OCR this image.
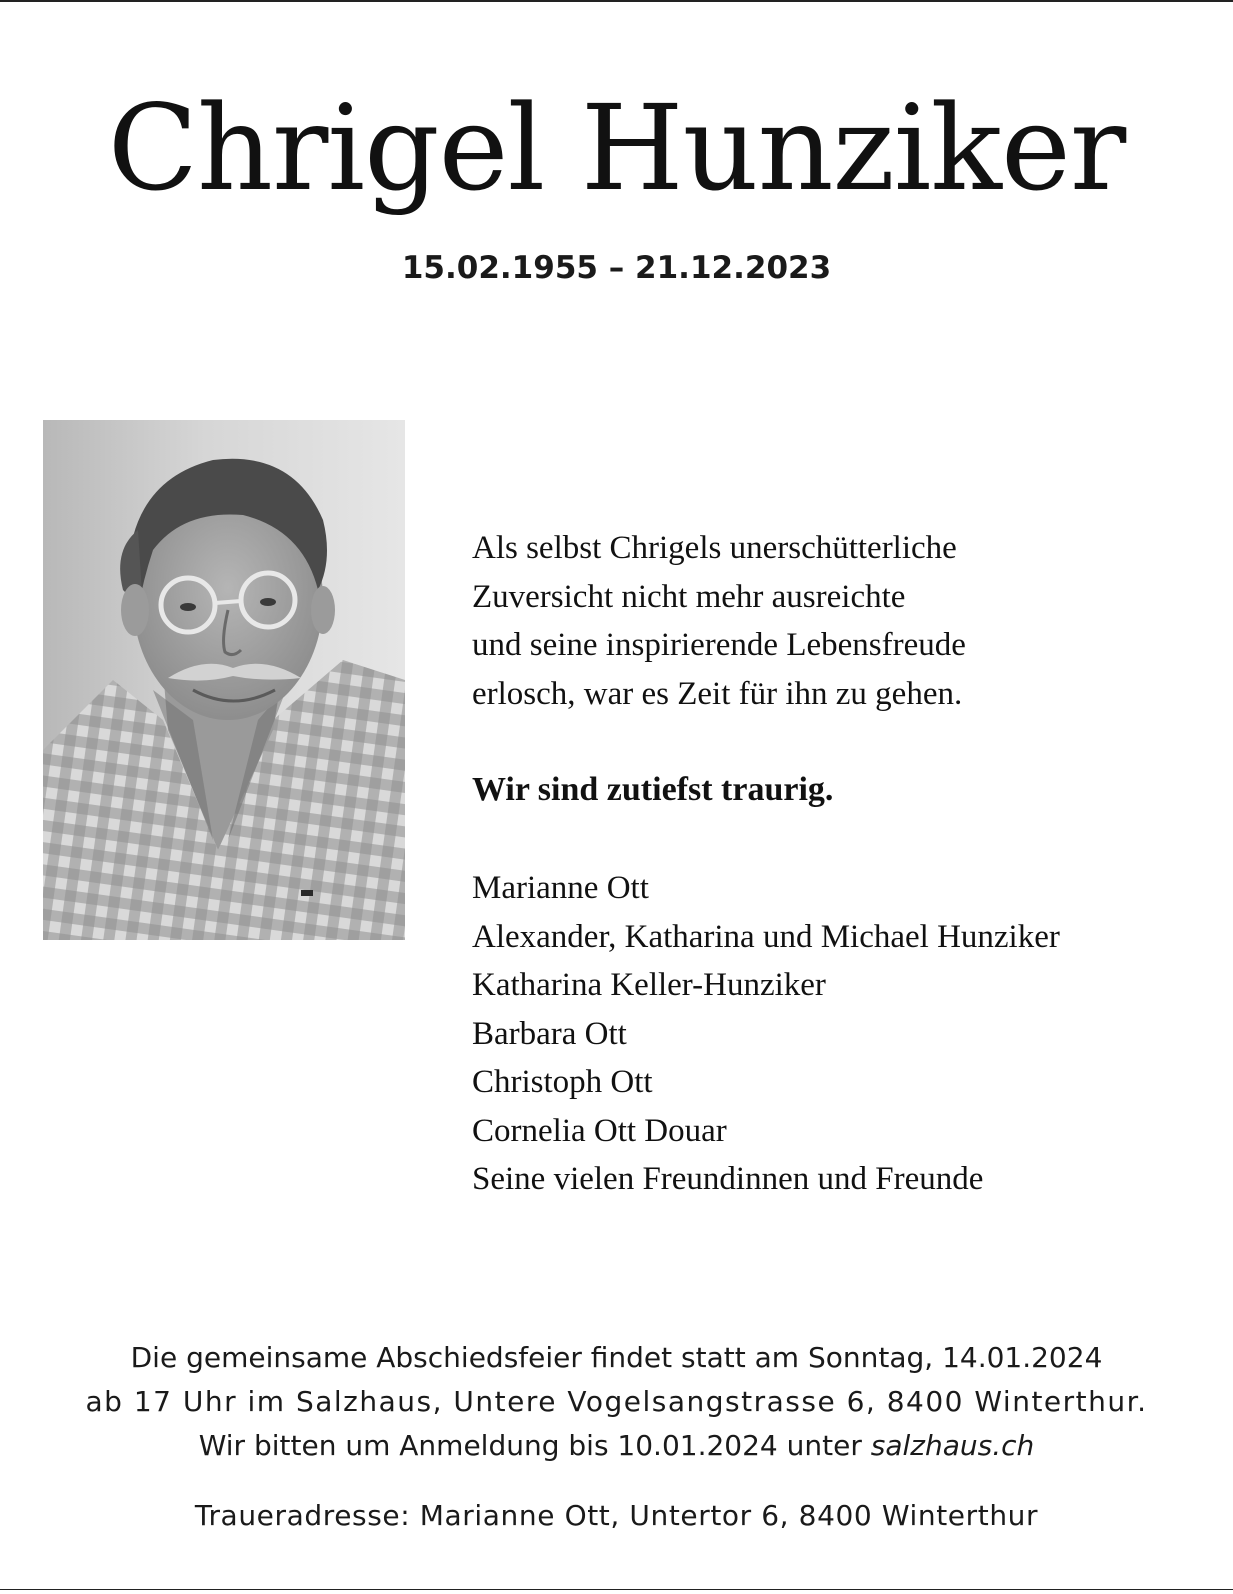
Chrigel Hunziker
15.02.1955 – 21.12.2023
Als selbst Chrigels unerschütterliche
Zuversicht nicht mehr ausreichte
und seine inspirierende Lebensfreude
erlosch, war es Zeit für ihn zu gehen.
Wir sind zutiefst traurig.
Marianne Ott
Alexander, Katharina und Michael Hunziker
Katharina Keller-Hunziker
Barbara Ott
Christoph Ott
Cornelia Ott Douar
Seine vielen Freundinnen und Freunde
Die gemeinsame Abschiedsfeier findet statt am Sonntag, 14.01.2024
ab 17 Uhr im Salzhaus, Untere Vogelsangstrasse 6, 8400 Winterthur.
Wir bitten um Anmeldung bis 10.01.2024 unter salzhaus.ch
Traueradresse: Marianne Ott, Untertor 6, 8400 Winterthur
